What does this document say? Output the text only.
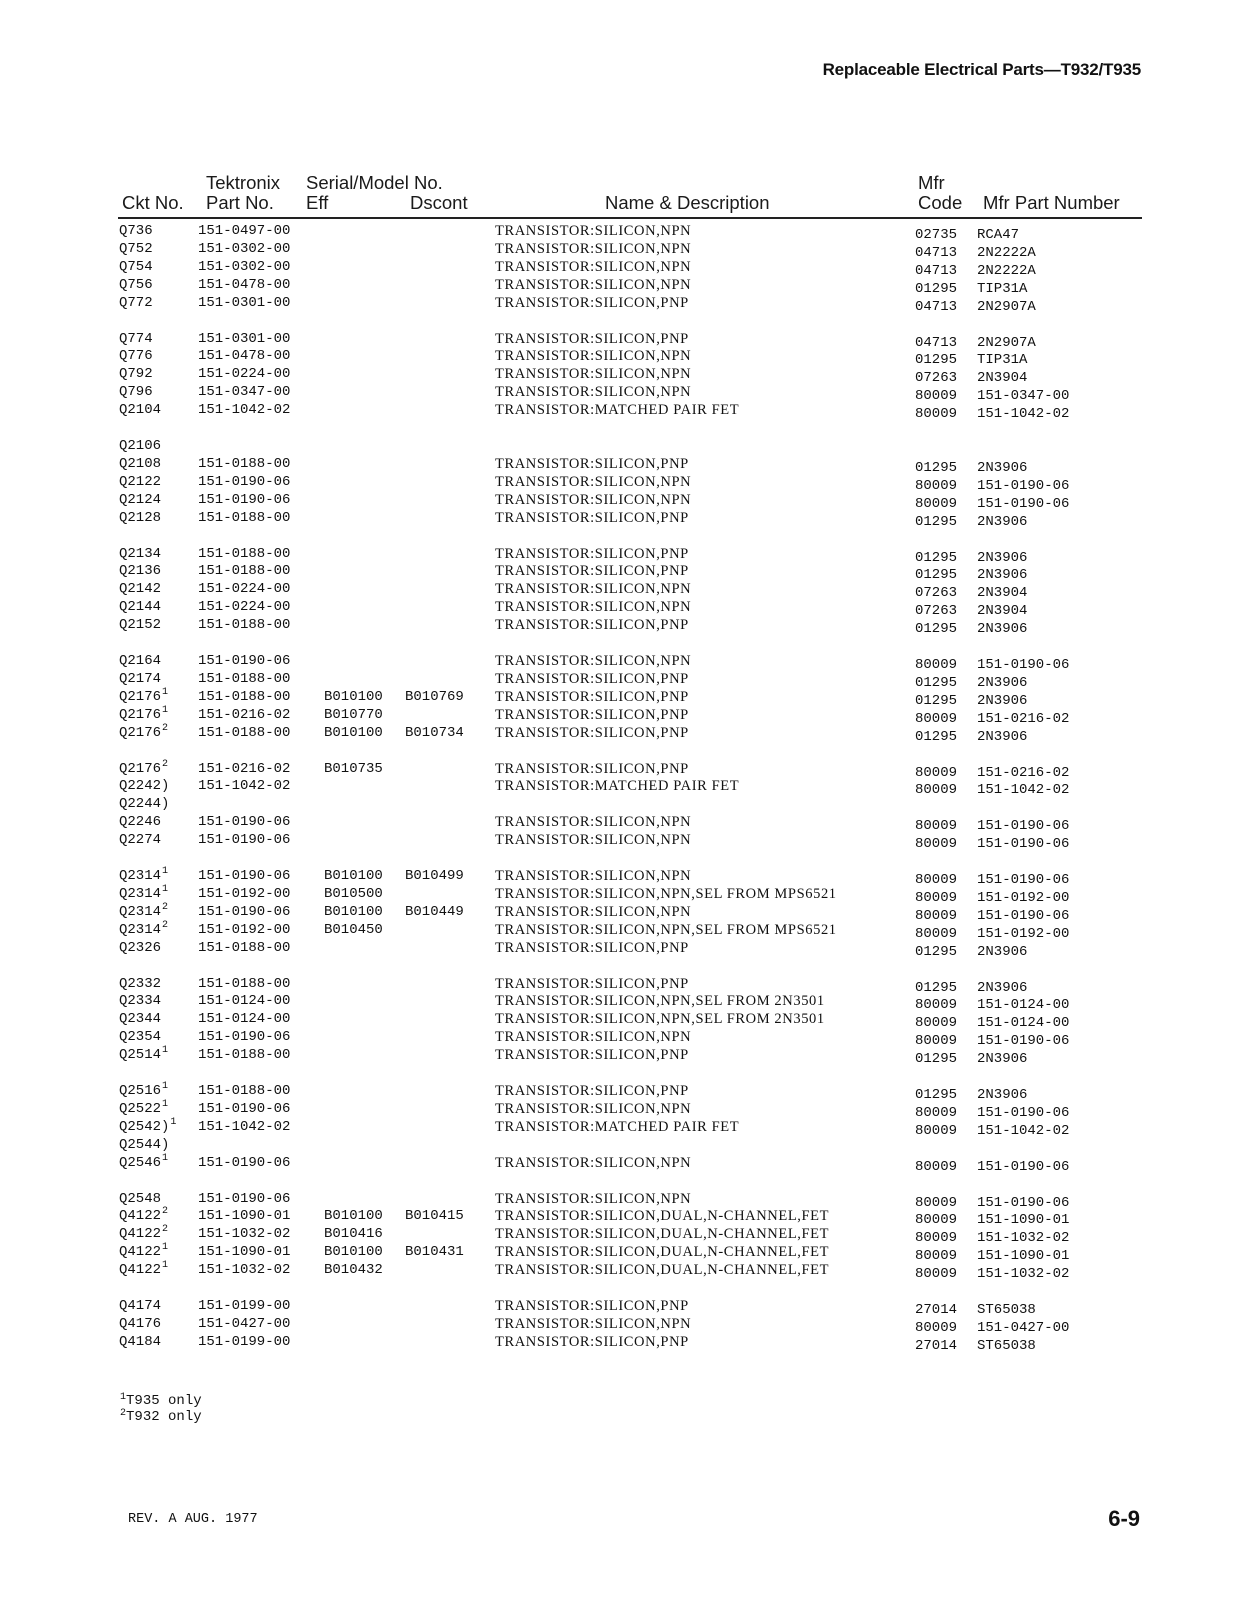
Replaceable Electrical Parts—T932/T935
Tektronix Serial/Model No.	Mfr
Ckt No. Part No. Eff	Dscont	Name & Description	Code Mfr Part Number
Q736	151-0497-00	TRANSISTOR:SILICON,NPN	02735 RCA47
Q752	151-0302-00	TRANSISTOR:SILICON,NPN	04713 2N2222A
Q754	151-0302-00	TRANSISTOR:SILICON,NPN	04713 2N2222A
Q756	151-0478-00	TRANSISTOR:SILICON,NPN	01295 TIP31A
Q772	151-0301-00	TRANSISTOR:SILICON,PNP	04713 2N2907A
Q774	151-0301-00	TRANSISTOR:SILICON,PNP	04713 2N2907A
Q776	151-0478-00	TRANSISTOR:SILICON,NPN	01295 TIP31A
Q792	151-0224-00	TRANSISTOR:SILICON,NPN	07263 2N3904
Q796	151-0347-00	TRANSISTOR:SILICON,NPN	80009 151-0347-00
Q2104	151-1042-02	TRANSISTOR:MATCHED PAIR FET	80009 151-1042-02
Q2106
Q2108	151-0188-00	TRANSISTOR:SILICON,PNP	01295 2N3906
Q2122	151-0190-06	TRANSISTOR:SILICON,NPN	80009 151-0190-06
Q2124	151-0190-06	TRANSISTOR:SILICON,NPN	80009 151-0190-06
Q2128	151-0188-00	TRANSISTOR:SILICON,PNP	01295 2N3906
Q2134	151-0188-00	TRANSISTOR:SILICON,PNP	01295 2N3906
Q2136	151-0188-00	TRANSISTOR:SILICON,PNP	01295 2N3906
Q2142	151-0224-00	TRANSISTOR:SILICON,NPN	07263 2N3904
Q2144	151-0224-00	TRANSISTOR:SILICON,NPN	07263 2N3904
Q2152	151-0188-00	TRANSISTOR:SILICON,PNP	01295 2N3906
Q2164	151-0190-06	TRANSISTOR:SILICON,NPN	80009 151-0190-06
Q2174	151-0188-00	TRANSISTOR:SILICON,PNP	01295 2N3906
Q2176$^1$ 151-0188-00 B010100 B010769 TRANSISTOR:SILICON,PNP	01295 2N3906
Q2176$^1$ 151-0216-02 B010770	TRANSISTOR:SILICON,PNP	80009 151-0216-02
Q2176$^2$ 151-0188-00 B010100 B010734 TRANSISTOR:SILICON,PNP	01295 2N3906
Q2176$^2$ 151-0216-02 B010735	TRANSISTOR:SILICON,PNP	80009 151-0216-02
Q2242) 151-1042-02	TRANSISTOR:MATCHED PAIR FET	80009 151-1042-02
Q2244)
Q2246	151-0190-06	TRANSISTOR:SILICON,NPN	80009 151-0190-06
Q2274	151-0190-06	TRANSISTOR:SILICON,NPN	80009 151-0190-06
Q2314$^1$ 151-0190-06 B010100 B010499 TRANSISTOR:SILICON,NPN	80009 151-0190-06
Q2314$^1$ 151-0192-00 B010500	TRANSISTOR:SILICON,NPN,SEL FROM MPS6521	80009 151-0192-00
Q2314$^2$ 151-0190-06 B010100 B010449 TRANSISTOR:SILICON,NPN	80009 151-0190-06
Q2314$^2$ 151-0192-00 B010450	TRANSISTOR:SILICON,NPN,SEL FROM MPS6521	80009 151-0192-00
Q2326	151-0188-00	TRANSISTOR:SILICON,PNP	01295 2N3906
Q2332	151-0188-00	TRANSISTOR:SILICON,PNP	01295 2N3906
Q2334	151-0124-00	TRANSISTOR:SILICON,NPN,SEL FROM 2N3501	80009 151-0124-00
Q2344	151-0124-00	TRANSISTOR:SILICON,NPN,SEL FROM 2N3501	80009 151-0124-00
Q2354	151-0190-06	TRANSISTOR:SILICON,NPN	80009 151-0190-06
Q2514$^1$ 151-0188-00	TRANSISTOR:SILICON,PNP	01295 2N3906
Q2516$^1$ 151-0188-00	TRANSISTOR:SILICON,PNP	01295 2N3906
Q2522$^1$ 151-0190-06	TRANSISTOR:SILICON,NPN	80009 151-0190-06
Q2542)$^1$ 151-1042-02	TRANSISTOR:MATCHED PAIR FET	80009 151-1042-02
Q2544)
Q2546$^1$ 151-0190-06	TRANSISTOR:SILICON,NPN	80009 151-0190-06
Q2548	151-0190-06	TRANSISTOR:SILICON,NPN	80009 151-0190-06
Q4122$^2$ 151-1090-01 B010100 B010415 TRANSISTOR:SILICON,DUAL,N-CHANNEL,FET	80009 151-1090-01
Q4122$^2$ 151-1032-02 B010416	TRANSISTOR:SILICON,DUAL,N-CHANNEL,FET	80009 151-1032-02
Q4122$^1$ 151-1090-01 B010100 B010431 TRANSISTOR:SILICON,DUAL,N-CHANNEL,FET	80009 151-1090-01
Q4122$^1$ 151-1032-02 B010432	TRANSISTOR:SILICON,DUAL,N-CHANNEL,FET	80009 151-1032-02
Q4174	151-0199-00	TRANSISTOR:SILICON,PNP	27014 ST65038
Q4176	151-0427-00	TRANSISTOR:SILICON,NPN	80009 151-0427-00
Q4184	151-0199-00	TRANSISTOR:SILICON,PNP	27014 ST65038
$^1$T935 only
$^2$T932 only
REV. A AUG. 1977	6-9
